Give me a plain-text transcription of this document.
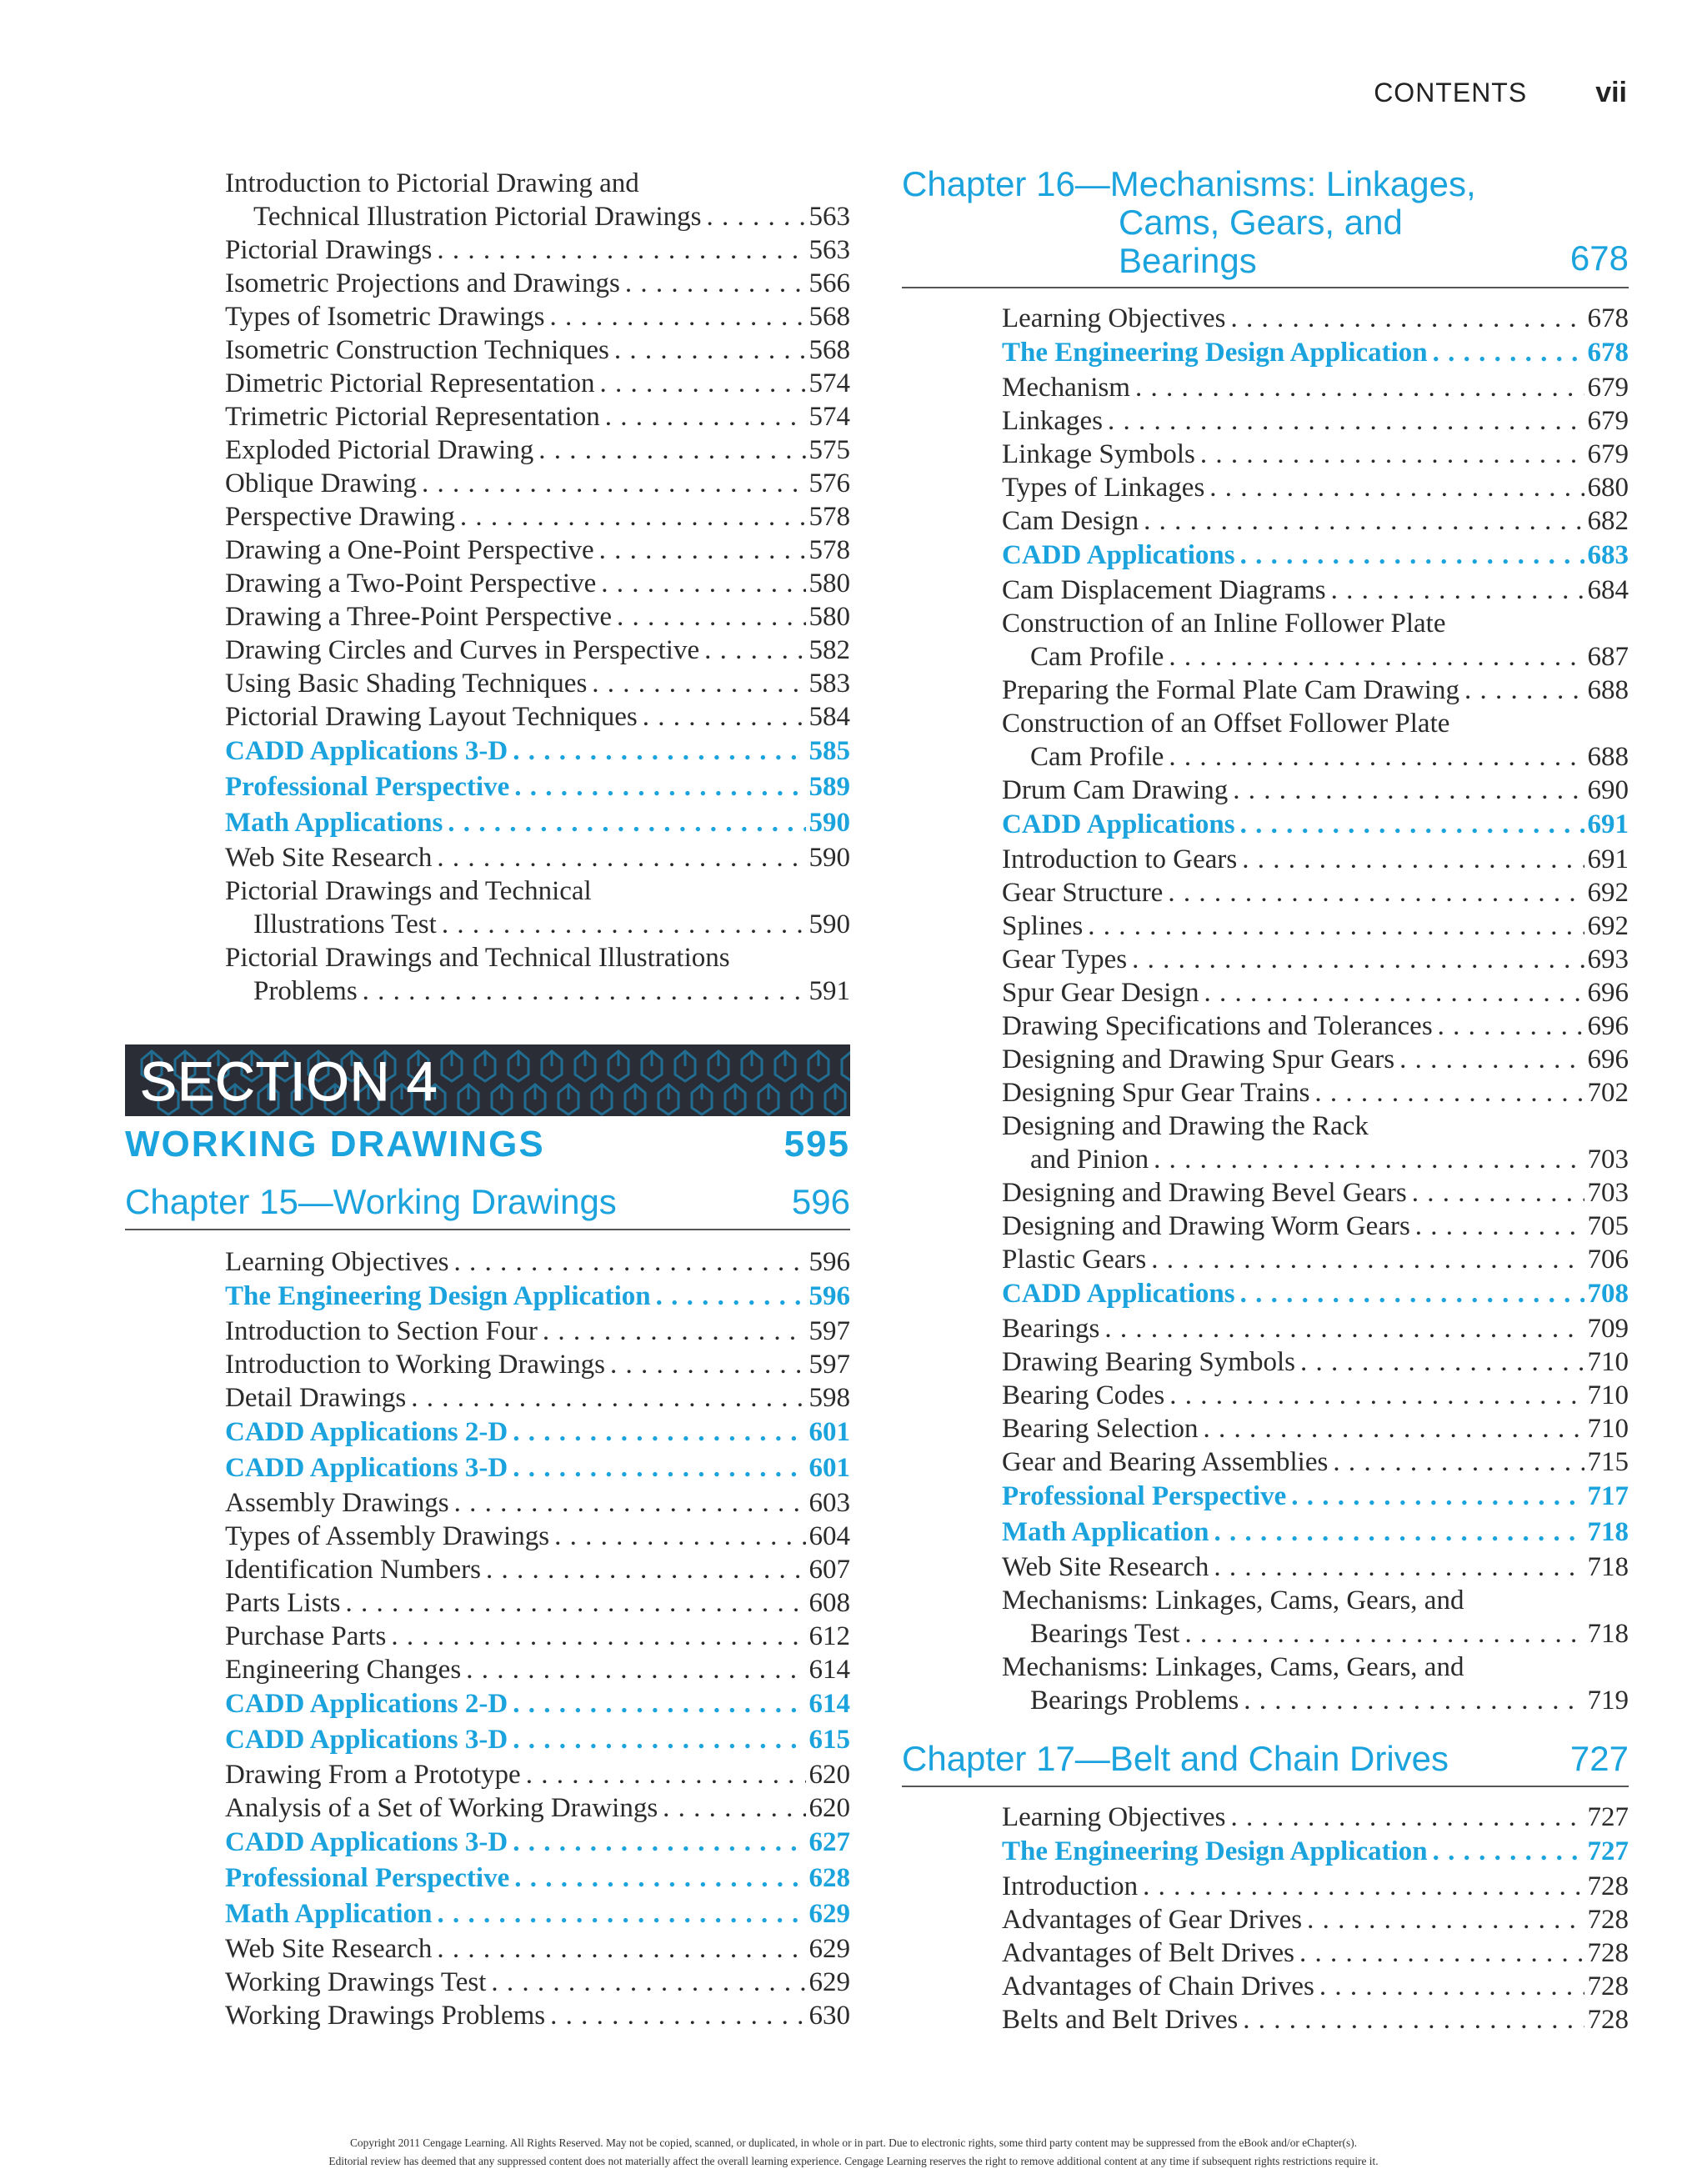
CONTENTS vii
Introduction to Pictorial Drawing and
Technical Illustration Pictorial Drawings . . .	563
Pictorial Drawings . . .	563
Isometric Projections and Drawings . . .	566
Types of Isometric Drawings . . .	568
Isometric Construction Techniques . . .	568
Dimetric Pictorial Representation . . .	574
Trimetric Pictorial Representation . . .	574
Exploded Pictorial Drawing . . .	575
Oblique Drawing . . .	576
Perspective Drawing . . .	578
Drawing a One-Point Perspective . . .	578
Drawing a Two-Point Perspective . . .	580
Drawing a Three-Point Perspective . . .	580
Drawing Circles and Curves in Perspective . . .	582
Using Basic Shading Techniques . . .	583
Pictorial Drawing Layout Techniques . . .	584
CADD Applications 3-D . . .	585
Professional Perspective . . .	589
Math Applications . . .	590
Web Site Research . . .	590
Pictorial Drawings and Technical
Illustrations Test . . .	590
Pictorial Drawings and Technical Illustrations
Problems . . .	591
SECTION 4
WORKING DRAWINGS	595
Chapter 15—Working Drawings	596
Learning Objectives . . .	596
The Engineering Design Application . . .	596
Introduction to Section Four . . .	597
Introduction to Working Drawings . . .	597
Detail Drawings . . .	598
CADD Applications 2-D . . .	601
CADD Applications 3-D . . .	601
Assembly Drawings . . .	603
Types of Assembly Drawings . . .	604
Identification Numbers . . .	607
Parts Lists . . .	608
Purchase Parts . . .	612
Engineering Changes . . .	614
CADD Applications 2-D . . .	614
CADD Applications 3-D . . .	615
Drawing From a Prototype . . .	620
Analysis of a Set of Working Drawings . . .	620
CADD Applications 3-D . . .	627
Professional Perspective . . .	628
Math Application . . .	629
Web Site Research . . .	629
Working Drawings Test . . .	629
Working Drawings Problems . . .	630
Chapter 16—Mechanisms: Linkages,
Cams, Gears, and
Bearings	678
Learning Objectives . . .	678
The Engineering Design Application . . .	678
Mechanism . . .	679
Linkages . . .	679
Linkage Symbols . . .	679
Types of Linkages . . .	680
Cam Design . . .	682
CADD Applications . . .	683
Cam Displacement Diagrams . . .	684
Construction of an Inline Follower Plate
Cam Profile . . .	687
Preparing the Formal Plate Cam Drawing . . .	688
Construction of an Offset Follower Plate
Cam Profile . . .	688
Drum Cam Drawing . . .	690
CADD Applications . . .	691
Introduction to Gears . . .	691
Gear Structure . . .	692
Splines . . .	692
Gear Types . . .	693
Spur Gear Design . . .	696
Drawing Specifications and Tolerances . . .	696
Designing and Drawing Spur Gears . . .	696
Designing Spur Gear Trains . . .	702
Designing and Drawing the Rack
and Pinion . . .	703
Designing and Drawing Bevel Gears . . .	703
Designing and Drawing Worm Gears . . .	705
Plastic Gears . . .	706
CADD Applications . . .	708
Bearings . . .	709
Drawing Bearing Symbols . . .	710
Bearing Codes . . .	710
Bearing Selection . . .	710
Gear and Bearing Assemblies . . .	715
Professional Perspective . . .	717
Math Application . . .	718
Web Site Research . . .	718
Mechanisms: Linkages, Cams, Gears, and
Bearings Test . . .	718
Mechanisms: Linkages, Cams, Gears, and
Bearings Problems . . .	719
Chapter 17—Belt and Chain Drives	727
Learning Objectives . . .	727
The Engineering Design Application . . .	727
Introduction . . .	728
Advantages of Gear Drives . . .	728
Advantages of Belt Drives . . .	728
Advantages of Chain Drives . . .	728
Belts and Belt Drives . . .	728
Copyright 2011 Cengage Learning. All Rights Reserved. May not be copied, scanned, or duplicated, in whole or in part. Due to electronic rights, some third party content may be suppressed from the eBook and/or eChapter(s).
Editorial review has deemed that any suppressed content does not materially affect the overall learning experience. Cengage Learning reserves the right to remove additional content at any time if subsequent rights restrictions require it.
